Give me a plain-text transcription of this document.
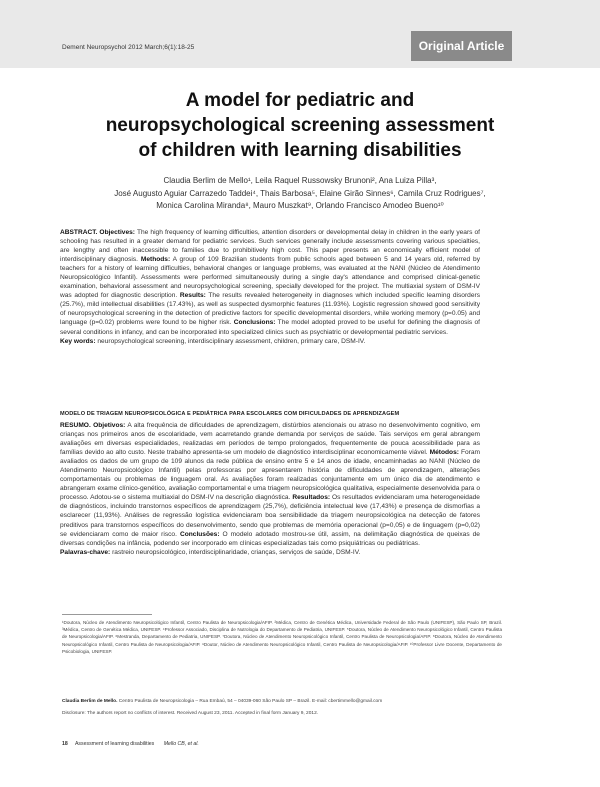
Dement Neuropsychol 2012 March;6(1):18-25	Original Article
A model for pediatric and
neuropsychological screening assessment
of children with learning disabilities
Claudia Berlim de Mello¹, Leila Raquel Russowsky Brunoni², Ana Luiza Pilla³,
José Augusto Aguiar Carrazedo Taddei⁴, Thais Barbosa⁵, Elaine Girão Sinnes⁶, Camila Cruz Rodrigues⁷,
Monica Carolina Miranda⁸, Mauro Muszkat⁹, Orlando Francisco Amodeo Bueno¹⁰

ABSTRACT. Objectives: The high frequency of learning difficulties, attention disorders or developmental delay in children in the early years of schooling has resulted in a greater demand for pediatric services. Such services generally include assessments covering various specialties, are lengthy and often inaccessible to families due to prohibitively high cost. This paper presents an economically efficient model of interdisciplinary diagnosis. Methods: A group of 109 Brazilian students from public schools aged between 5 and 14 years old, referred by teachers for a history of learning difficulties, behavioral changes or language problems, was evaluated at the NANI (Núcleo de Atendimento Neuropsicológico Infantil). Assessments were performed simultaneously during a single day's attendance and comprised clinical-genetic examination, behavioral assessment and neuropsychological screening, specially developed for the project. The multiaxial system of DSM-IV was adopted for diagnostic description. Results: The results revealed heterogeneity in diagnoses which included specific learning disorders (25.7%), mild intellectual disabilities (17.43%), as well as suspected dysmorphic features (11.93%). Logistic regression showed good sensitivity of neuropsychological screening in the detection of predictive factors for specific developmental disorders, while working memory (p=0.05) and language (p=0.02) problems were found to be higher risk. Conclusions: The model adopted proved to be useful for defining the diagnosis of several conditions in infancy, and can be incorporated into specialized clinics such as psychiatric or developmental pediatric services.

Key words: neuropsychological screening, interdisciplinary assessment, children, primary care, DSM-IV.

MODELO DE TRIAGEM NEUROPSICOLÓGICA E PEDIÁTRICA PARA ESCOLARES COM DIFICULDADES DE APRENDIZAGEM

RESUMO. Objetivos: A alta frequência de dificuldades de aprendizagem, distúrbios atencionais ou atraso no desenvolvimento cognitivo, em crianças nos primeiros anos de escolaridade, vem acarretando grande demanda por serviços de saúde. Tais serviços em geral abrangem avaliações em diversas especialidades, realizadas em períodos de tempo prolongados, frequentemente de pouca acessibilidade para as famílias devido ao alto custo. Neste trabalho apresenta-se um modelo de diagnóstico interdisciplinar economicamente viável. Métodos: Foram avaliados os dados de um grupo de 109 alunos da rede pública de ensino entre 5 e 14 anos de idade, encaminhadas ao NANI (Núcleo de Atendimento Neuropsicológico Infantil) pelas professoras por apresentarem história de dificuldades de aprendizagem, alterações comportamentais ou problemas de linguagem oral. As avaliações foram realizadas conjuntamente em um único dia de atendimento e abrangeram exame clínico-genético, avaliação comportamental e uma triagem neuropsicológica qualitativa, especialmente desenvolvida para o processo. Adotou-se o sistema multiaxial do DSM-IV na descrição diagnóstica. Resultados: Os resultados evidenciaram uma heterogeneidade de diagnósticos, incluindo transtornos específicos de aprendizagem (25,7%), deficiência intelectual leve (17,43%) e presença de dismorfias a esclarecer (11,93%). Análises de regressão logística evidenciaram boa sensibilidade da triagem neuropsicológica na detecção de fatores preditivos para transtornos específicos do desenvolvimento, sendo que problemas de memória operacional (p=0,05) e de linguagem (p=0,02) se evidenciaram como de maior risco. Conclusões: O modelo adotado mostrou-se útil, assim, na delimitação diagnóstica de queixas de diversas condições na infância, podendo ser incorporado em clínicas especializadas tais como psiquiátricas ou pediátricas.

Palavras-chave: rastreio neuropsicológico, interdisciplinaridade, crianças, serviços de saúde, DSM-IV.

¹Doutora, Núcleo de Atendimento Neuropsicológico Infantil, Centro Paulista de Neuropsicologia/AFIP. ²Médica, Centro de Genética Médica, Universidade Federal de São Paulo (UNIFESP), São Paulo SP, Brazil. ³Médica, Centro de Genética Médica, UNIFESP. ⁴Professor Associado, Disciplina de Nutrologia do Departamento de Pediatria, UNIFESP. ⁵Doutora, Núcleo de Atendimento Neuropsicológico Infantil, Centro Paulista de Neuropsicologia/AFIP. ⁶Mestranda, Departamento de Pediatria, UNIFESP. ⁷Doutora, Núcleo de Atendimento Neuropsicológico Infantil, Centro Paulista de Neuropsicologia/AFIP. ⁸Doutora, Núcleo de Atendimento Neuropsicológico Infantil, Centro Paulista de Neuropsicologia/AFIP. ⁹Doutor, Núcleo de Atendimento Neuropsicológico Infantil, Centro Paulista de Neuropsicologia/AFIP. ¹⁰Professor Livre Docente, Departamento de Psicobiologia, UNIFESP.

Claudia Berlim de Mello. Centro Paulista de Neuropsicologia – Rua Embaú, 54 – 04039-060 São Paulo SP – Brazil. E-mail: cbertimmello@gmail.com
Disclosure: The authors report no conflicts of interest. Received August 23, 2011. Accepted in final form January 9, 2012.
18 Assessment of learning disabilities Mello CB, et al.
